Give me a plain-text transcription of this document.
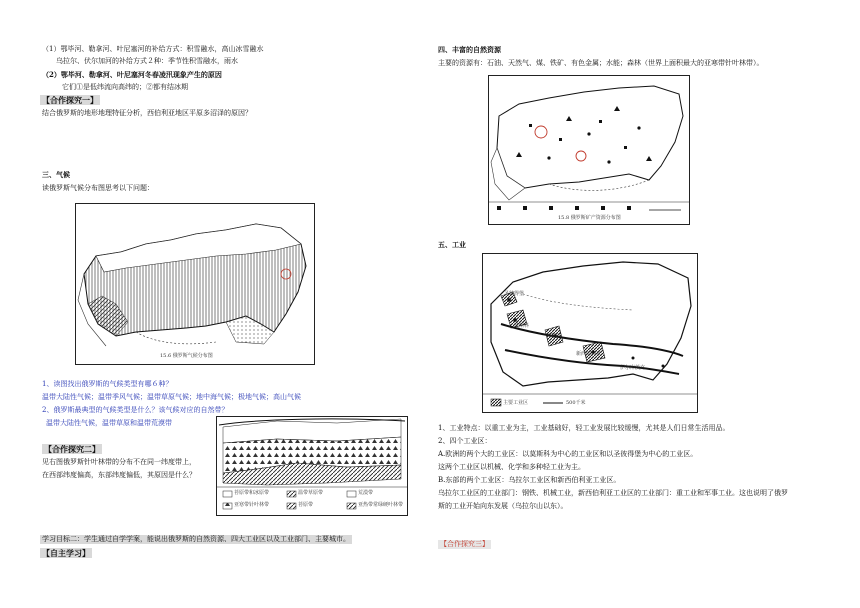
（1）鄂毕河、勒拿河、叶尼塞河的补给方式：积雪融水，高山冰雪融水
乌拉尔、伏尔加河的补给方式２种：季节性积雪融水，雨水
（2）鄂毕河、勒拿河、叶尼塞河冬春凌汛现象产生的原因
它们①是低纬流向高纬的；②都有结冰期
【合作探究一】
结合俄罗斯的地形地理特征分析，西伯利亚地区平原多沼泽的原因？
三、气候
读俄罗斯气候分布图思考以下问题：
15.6 俄罗斯气候分布图
1、读图找出俄罗斯的气候类型有哪６种？
温带大陆性气候；温带季风气候；温带草原气候；地中海气候；极地气候；高山气候
2、俄罗斯最典型的气候类型是什么？该气候对应的自然带？
温带大陆性气候，温带草原和温带荒漠带
【合作探究二】
见右图俄罗斯针叶林带的分布不在同一纬度带上，
在西部纬度偏高，东部纬度偏低，其原因是什么？
苔原带和冰原带	温带草原带	荒漠带
亚寒带针叶林带	苔原带	亚热带常绿硬叶林带
学习目标二：学生通过自学学案，能说出俄罗斯的自然资源、四大工业区以及工业部门、主要城市。
【自主学习】
四、丰富的自然资源
主要的资源有：石油、天然气、煤、铁矿、有色金属；水能；森林（世界上面积最大的亚寒带针叶林带）。
15.8 俄罗斯矿产资源分布图
五、工业
莫斯科
圣彼得堡
新西伯利亚
伊尔库茨克
乌拉尔
主要工业区	500千米
1、工业特点：以重工业为主，工业基础好，轻工业发展比较缓慢，尤其是人们日常生活用品。
2、四个工业区：
A.欧洲的两个大的工业区：以莫斯科为中心的工业区和以圣彼得堡为中心的工业区。
这两个工业区以机械、化学和多种轻工业为主。
B.东部的两个工业区：乌拉尔工业区和新西伯利亚工业区。
乌拉尔工业区的工业部门：钢铁、机械工业，新西伯利亚工业区的工业部门：重工业和军事工业。这也说明了俄罗
斯的工业开始向东发展（乌拉尔山以东）。
【合作探究三】
